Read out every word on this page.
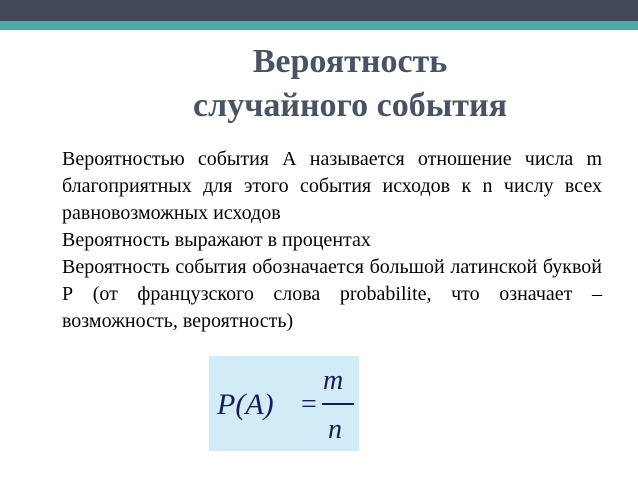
Вероятность
случайного события

Вероятностью события А называется отношение числа m благоприятных для этого события исходов к n числу всех равновозможных исходов

Вероятность выражают в процентах

Вероятность события обозначается большой латинской буквой Р (от французского слова probabilite, что означает – возможность, вероятность)

P(A) =
m
n
